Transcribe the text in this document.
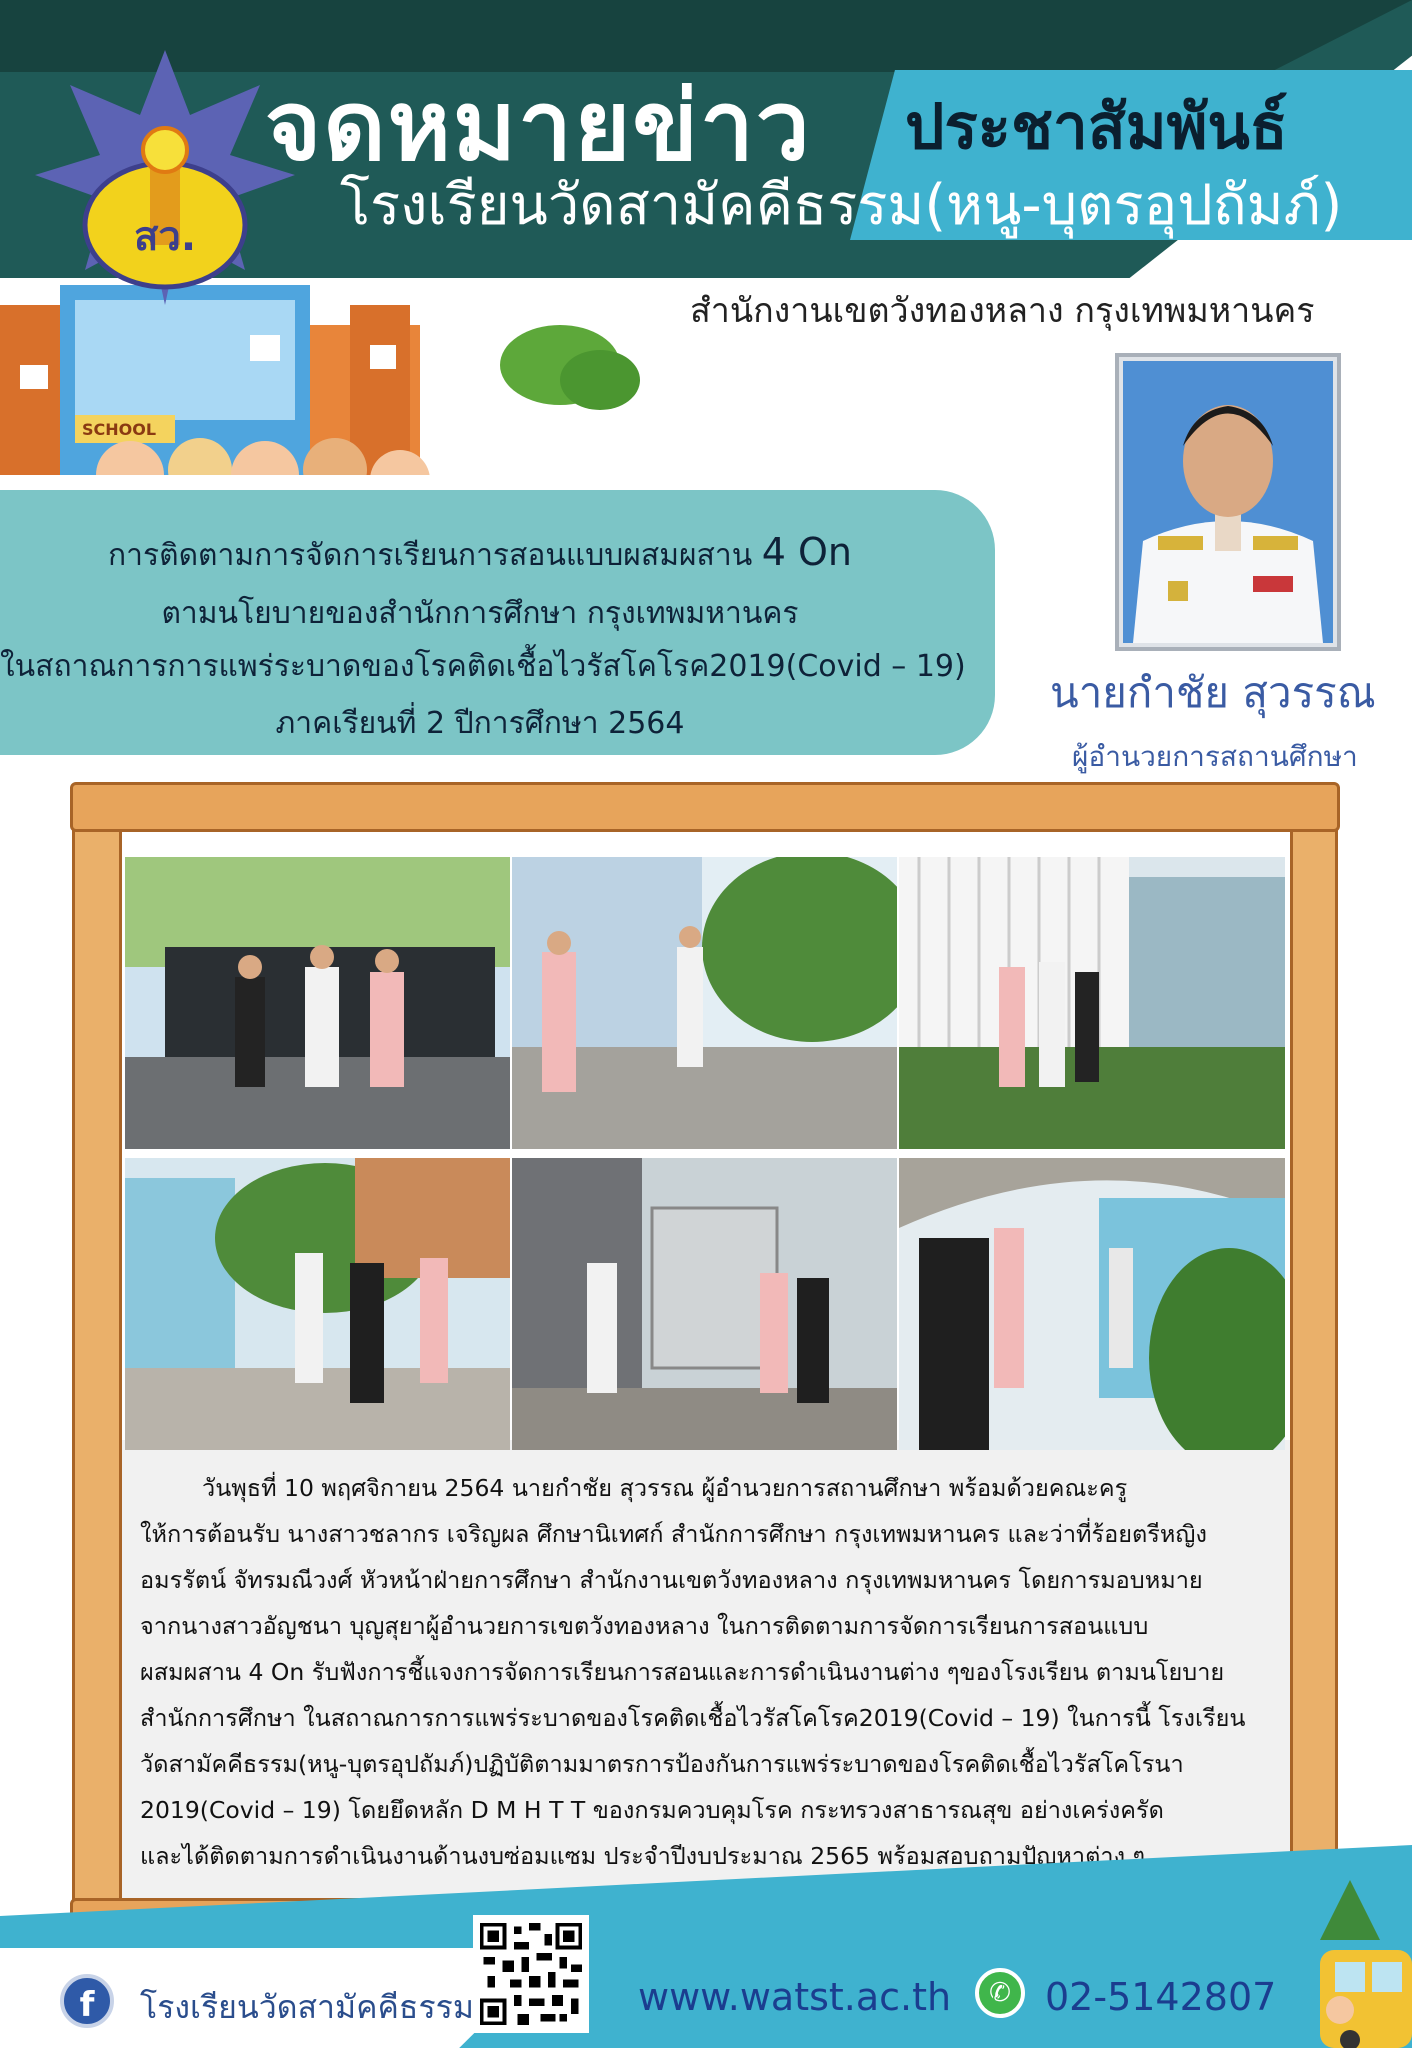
จดหมายข่าว ประชาสัมพันธ์
โรงเรียนวัดสามัคคีธรรม(หนู-บุตรอุปถัมภ์)
สำนักงานเขตวังทองหลาง กรุงเทพมหานคร
SCHOOL
สว.
นายกำชัย สุวรรณ
ผู้อำนวยการสถานศึกษา
การติดตามการจัดการเรียนการสอนแบบผสมผสาน 4 On
ตามนโยบายของสำนักการศึกษา กรุงเทพมหานคร
ในสถาณการการแพร่ระบาดของโรคติดเชื้อไวรัสโคโรค2019(Covid – 19)
ภาคเรียนที่ 2 ปีการศึกษา 2564

วันพุธที่ 10 พฤศจิกายน 2564 นายกำชัย สุวรรณ ผู้อำนวยการสถานศึกษา พร้อมด้วยคณะครู

ให้การต้อนรับ นางสาวชลากร เจริญผล ศึกษานิเทศก์ สำนักการศึกษา กรุงเทพมหานคร และว่าที่ร้อยตรีหญิง

อมรรัตน์ จัทรมณีวงศ์ หัวหน้าฝ่ายการศึกษา สำนักงานเขตวังทองหลาง กรุงเทพมหานคร โดยการมอบหมาย

จากนางสาวอัญชนา บุญสุยาผู้อำนวยการเขตวังทองหลาง ในการติดตามการจัดการเรียนการสอนแบบ

ผสมผสาน 4 On รับฟังการชี้แจงการจัดการเรียนการสอนและการดำเนินงานต่าง ๆของโรงเรียน ตามนโยบาย

สำนักการศึกษา ในสถาณการการแพร่ระบาดของโรคติดเชื้อไวรัสโคโรค2019(Covid – 19) ในการนี้ โรงเรียน

วัดสามัคคีธรรม(หนู-บุตรอุปถัมภ์)ปฏิบัติตามมาตรการป้องกันการแพร่ระบาดของโรคติดเชื้อไวรัสโคโรนา

2019(Covid – 19) โดยยึดหลัก D M H T T ของกรมควบคุมโรค กระทรวงสาธารณสุข อย่างเคร่งครัด

และได้ติดตามการดำเนินงานด้านงบซ่อมแซม ประจำปีงบประมาณ 2565 พร้อมสอบถามปัญหาต่าง ๆ

f	โรงเรียนวัดสามัคคีธรรม	www.watst.ac.th	✆ 02-5142807
